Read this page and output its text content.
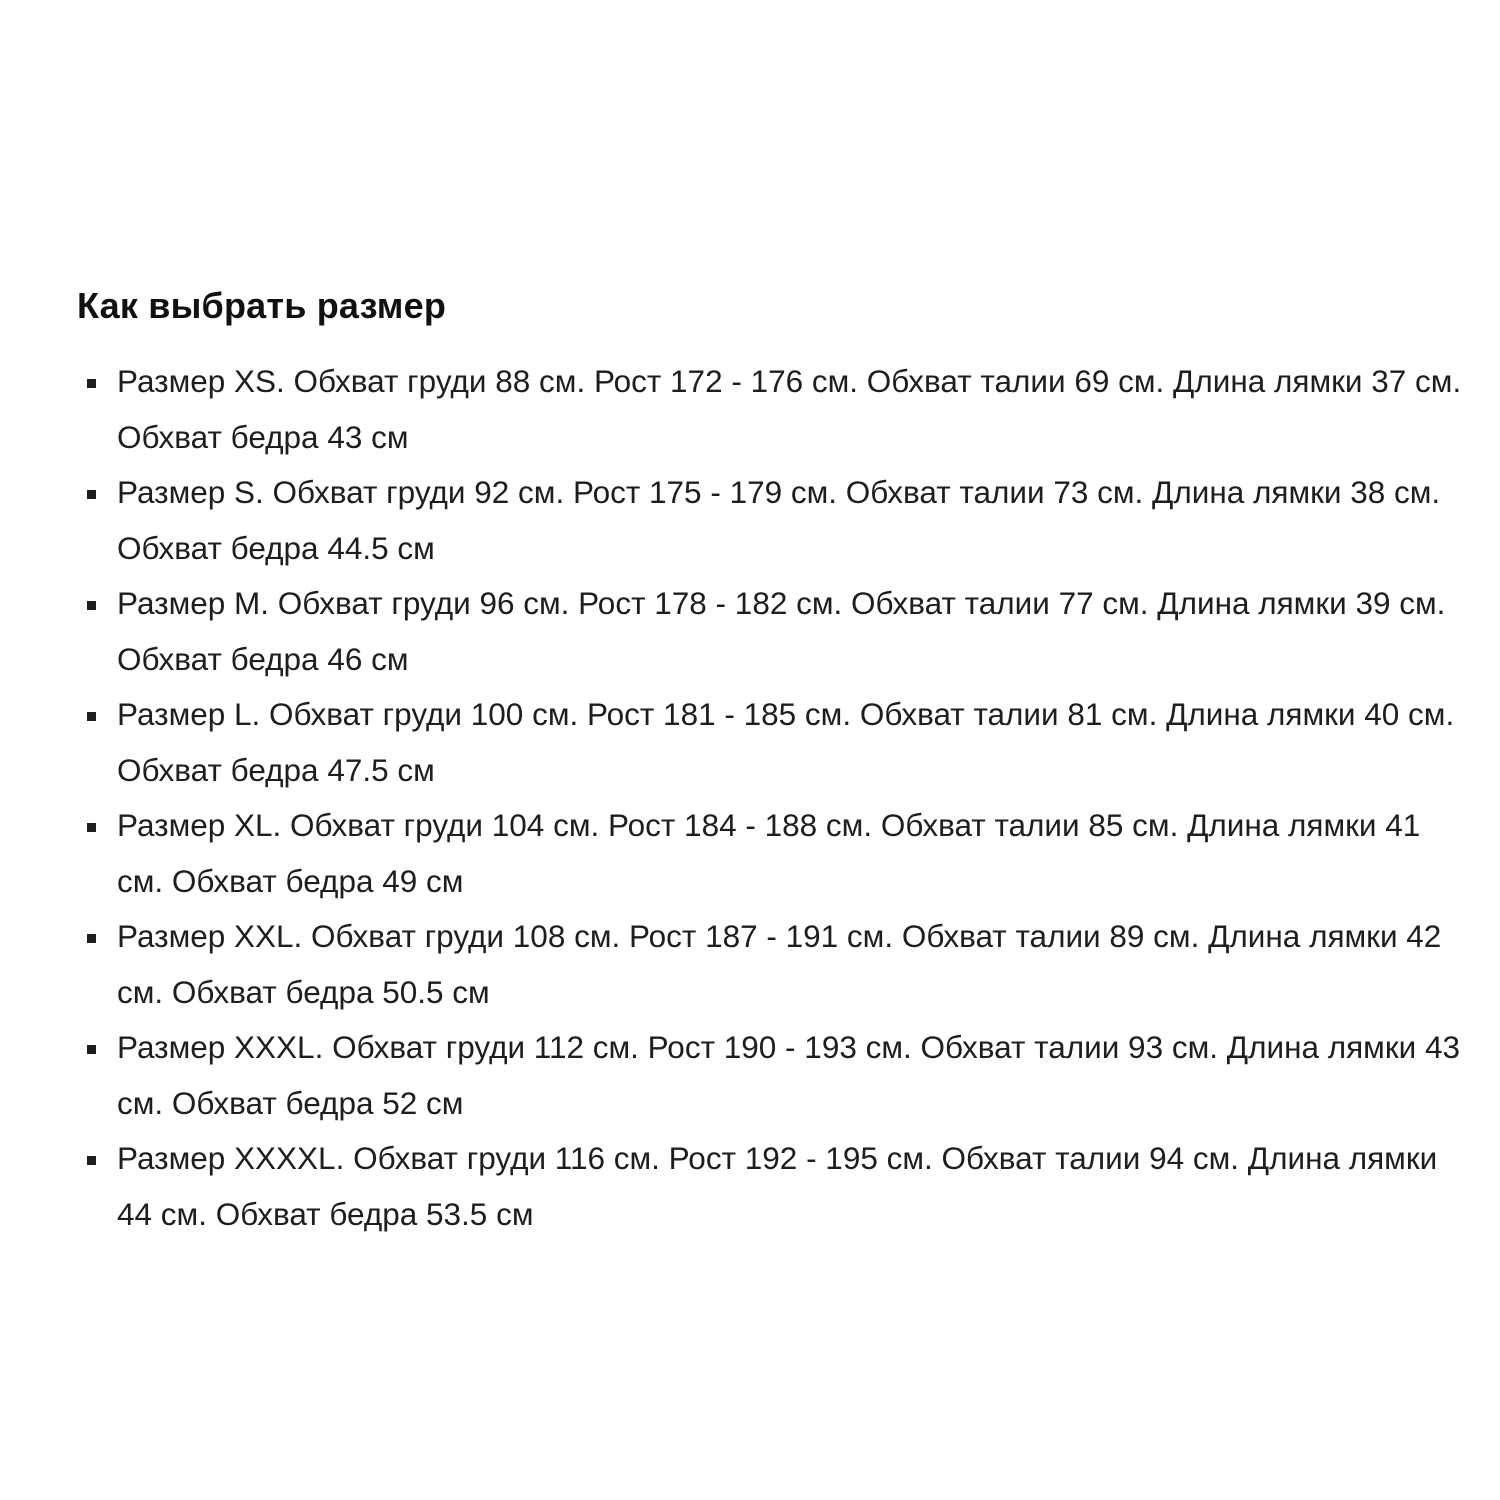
Как выбрать размер
Размер XS. Обхват груди 88 см. Рост 172 - 176 см. Обхват талии 69 см. Длина лямки 37 см. Обхват бедра 43 см
Размер S. Обхват груди 92 см. Рост 175 - 179 см. Обхват талии 73 см. Длина лямки 38 см. Обхват бедра 44.5 см
Размер M. Обхват груди 96 см. Рост 178 - 182 см. Обхват талии 77 см. Длина лямки 39 см. Обхват бедра 46 см
Размер L. Обхват груди 100 см. Рост 181 - 185 см. Обхват талии 81 см. Длина лямки 40 см. Обхват бедра 47.5 см
Размер XL. Обхват груди 104 см. Рост 184 - 188 см. Обхват талии 85 см. Длина лямки 41 см. Обхват бедра 49 см
Размер XXL. Обхват груди 108 см. Рост 187 - 191 см. Обхват талии 89 см. Длина лямки 42 см. Обхват бедра 50.5 см
Размер XXXL. Обхват груди 112 см. Рост 190 - 193 см. Обхват талии 93 см. Длина лямки 43 см. Обхват бедра 52 см
Размер XXXXL. Обхват груди 116 см. Рост 192 - 195 см. Обхват талии 94 см. Длина лямки 44 см. Обхват бедра 53.5 см
